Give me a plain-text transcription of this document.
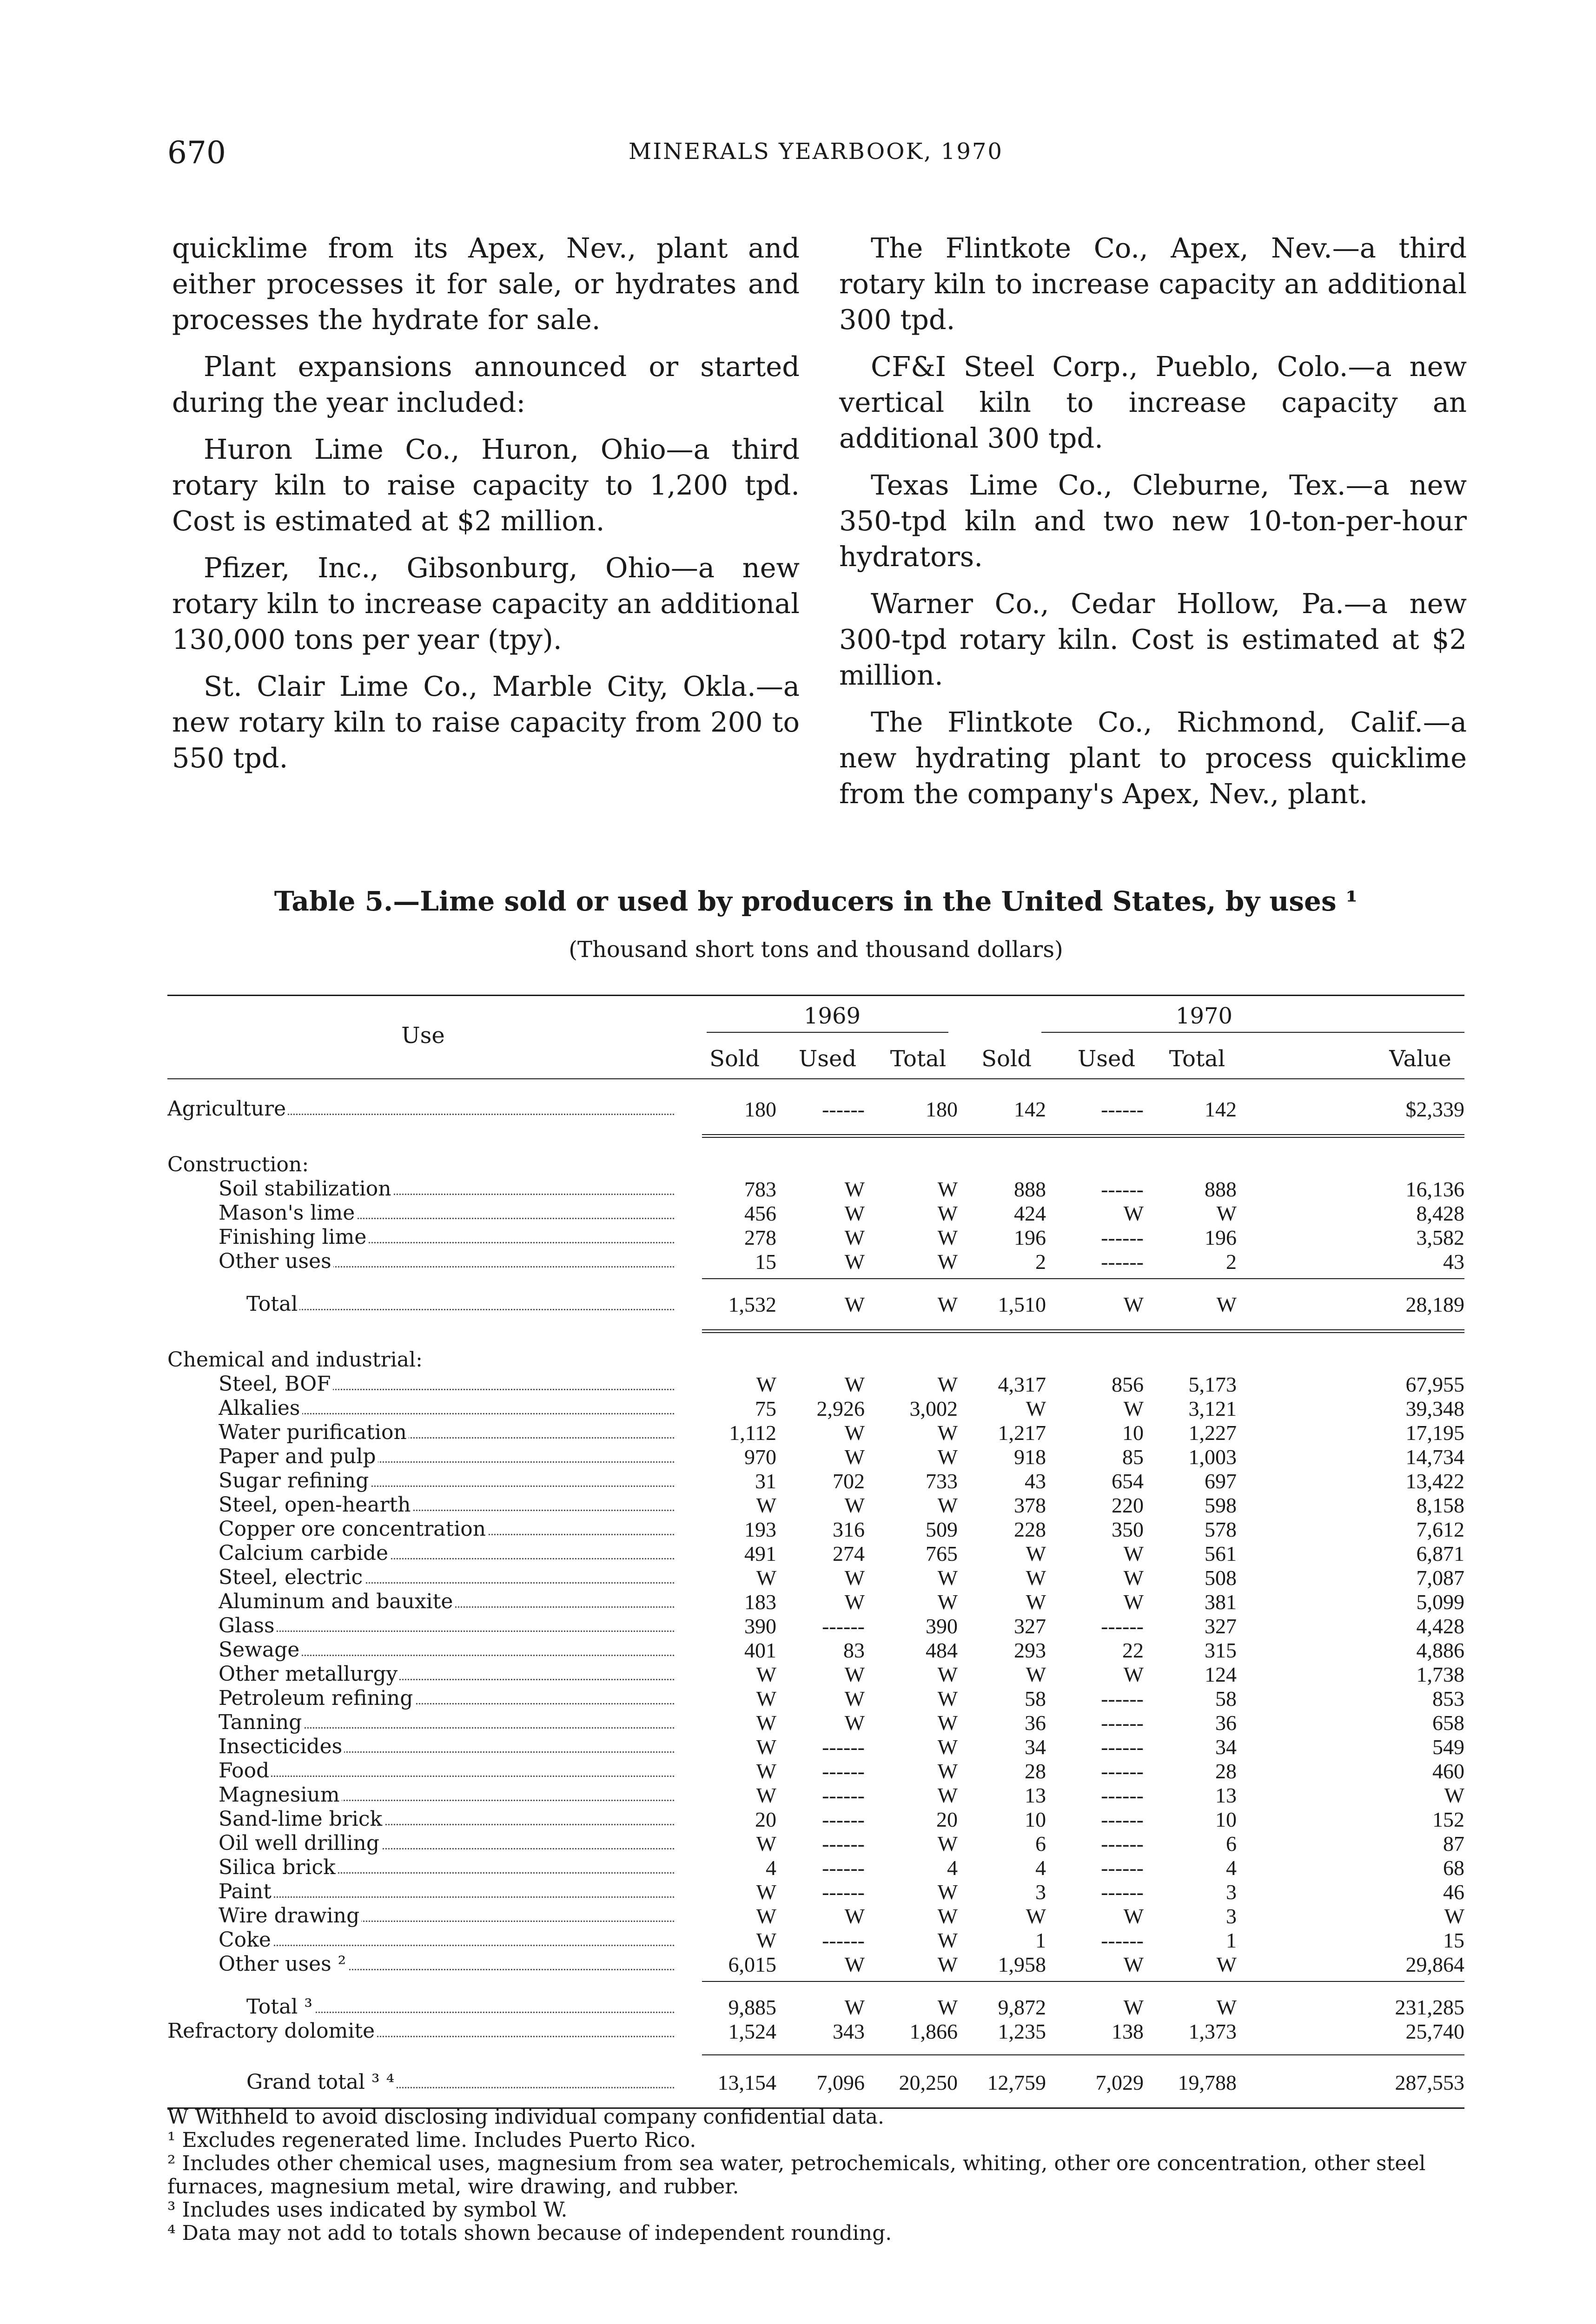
670	MINERALS YEARBOOK, 1970

quicklime from its Apex, Nev., plant and either processes it for sale, or hydrates and processes the hydrate for sale.

Plant expansions announced or started during the year included:

Huron Lime Co., Huron, Ohio—a third rotary kiln to raise capacity to 1,200 tpd. Cost is estimated at $2 million.

Pfizer, Inc., Gibsonburg, Ohio—a new rotary kiln to increase capacity an additional 130,000 tons per year (tpy).

St. Clair Lime Co., Marble City, Okla.—a new rotary kiln to raise capacity from 200 to 550 tpd.

The Flintkote Co., Apex, Nev.—a third rotary kiln to increase capacity an additional 300 tpd.

CF&I Steel Corp., Pueblo, Colo.—a new vertical kiln to increase capacity an additional 300 tpd.

Texas Lime Co., Cleburne, Tex.—a new 350-tpd kiln and two new 10-ton-per-hour hydrators.

Warner Co., Cedar Hollow, Pa.—a new 300-tpd rotary kiln. Cost is estimated at $2 million.

The Flintkote Co., Richmond, Calif.—a new hydrating plant to process quicklime from the company's Apex, Nev., plant.

Table 5.—Lime sold or used by producers in the United States, by uses ¹
(Thousand short tons and thousand dollars)
Use
1969	1970
Sold	Used	Total	Sold	Used	Total	Value
Agriculture	180	------	180	142	------	142	$2,339
Construction:
Soil stabilization	783	W	W	888	------	888	16,136
Mason's lime	456	W	W	424	W	W	8,428
Finishing lime	278	W	W	196	------	196	3,582
Other uses	15	W	W	2	------	2	43
Total	1,532	W	W	1,510	W	W	28,189
Chemical and industrial:
Steel, BOF	W	W	W	4,317	856	5,173	67,955
Alkalies	75	2,926	3,002	W	W	3,121	39,348
Water purification	1,112	W	W	1,217	10	1,227	17,195
Paper and pulp	970	W	W	918	85	1,003	14,734
Sugar refining	31	702	733	43	654	697	13,422
Steel, open-hearth	W	W	W	378	220	598	8,158
Copper ore concentration	193	316	509	228	350	578	7,612
Calcium carbide	491	274	765	W	W	561	6,871
Steel, electric	W	W	W	W	W	508	7,087
Aluminum and bauxite	183	W	W	W	W	381	5,099
Glass	390	------	390	327	------	327	4,428
Sewage	401	83	484	293	22	315	4,886
Other metallurgy	W	W	W	W	W	124	1,738
Petroleum refining	W	W	W	58	------	58	853
Tanning	W	W	W	36	------	36	658
Insecticides	W	------	W	34	------	34	549
Food	W	------	W	28	------	28	460
Magnesium	W	------	W	13	------	13	W
Sand-lime brick	20	------	20	10	------	10	152
Oil well drilling	W	------	W	6	------	6	87
Silica brick	4	------	4	4	------	4	68
Paint	W	------	W	3	------	3	46
Wire drawing	W	W	W	W	W	3	W
Coke	W	------	W	1	------	1	15
Other uses ²	6,015	W	W	1,958	W	W	29,864
Total ³	9,885	W	W	9,872	W	W	231,285
Refractory dolomite	1,524	343	1,866	1,235	138	1,373	25,740
Grand total ³ ⁴	13,154	7,096	20,250	12,759	7,029	19,788	287,553
W Withheld to avoid disclosing individual company confidential data.
¹ Excludes regenerated lime. Includes Puerto Rico.
² Includes other chemical uses, magnesium from sea water, petrochemicals, whiting, other ore concentration, other steel furnaces, magnesium metal, wire drawing, and rubber.
³ Includes uses indicated by symbol W.
⁴ Data may not add to totals shown because of independent rounding.
